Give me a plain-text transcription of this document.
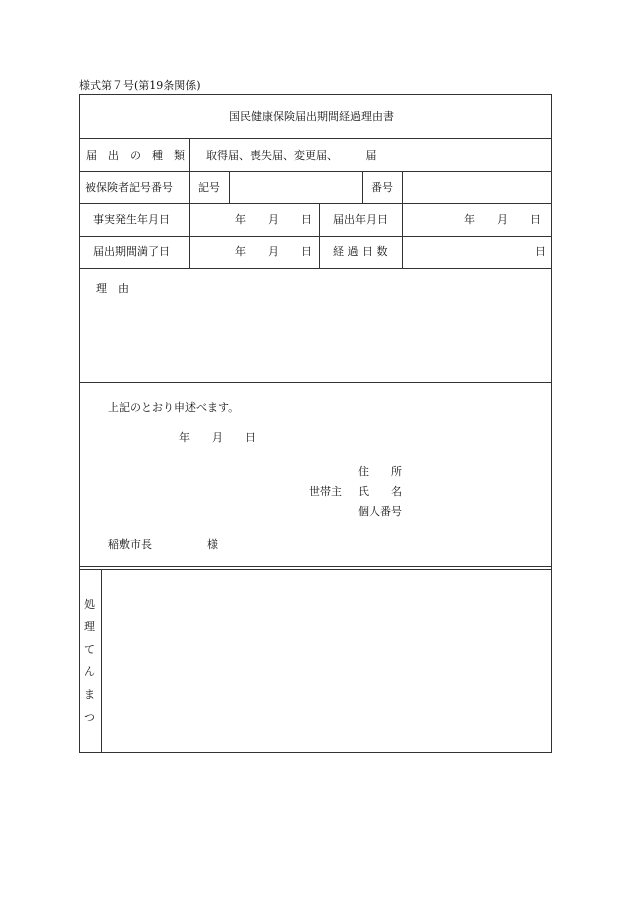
様式第７号(第19条関係)
国民健康保険届出期間経過理由書
届　出　の　種　類 取得届、喪失届、変更届、　　　届
被保険者記号番号 記号	番号
事実発生年月日	年　　月　　日 届出年月日	年　　月　　日
届出期間満了日	年　　月　　日 経 過 日 数	日
理　由
上記のとおり申述べます。
年　　月　　日
住　　所
世帯主 氏　　名
個人番号
稲敷市長　　　　　様
処
理
て
ん
ま
つ
